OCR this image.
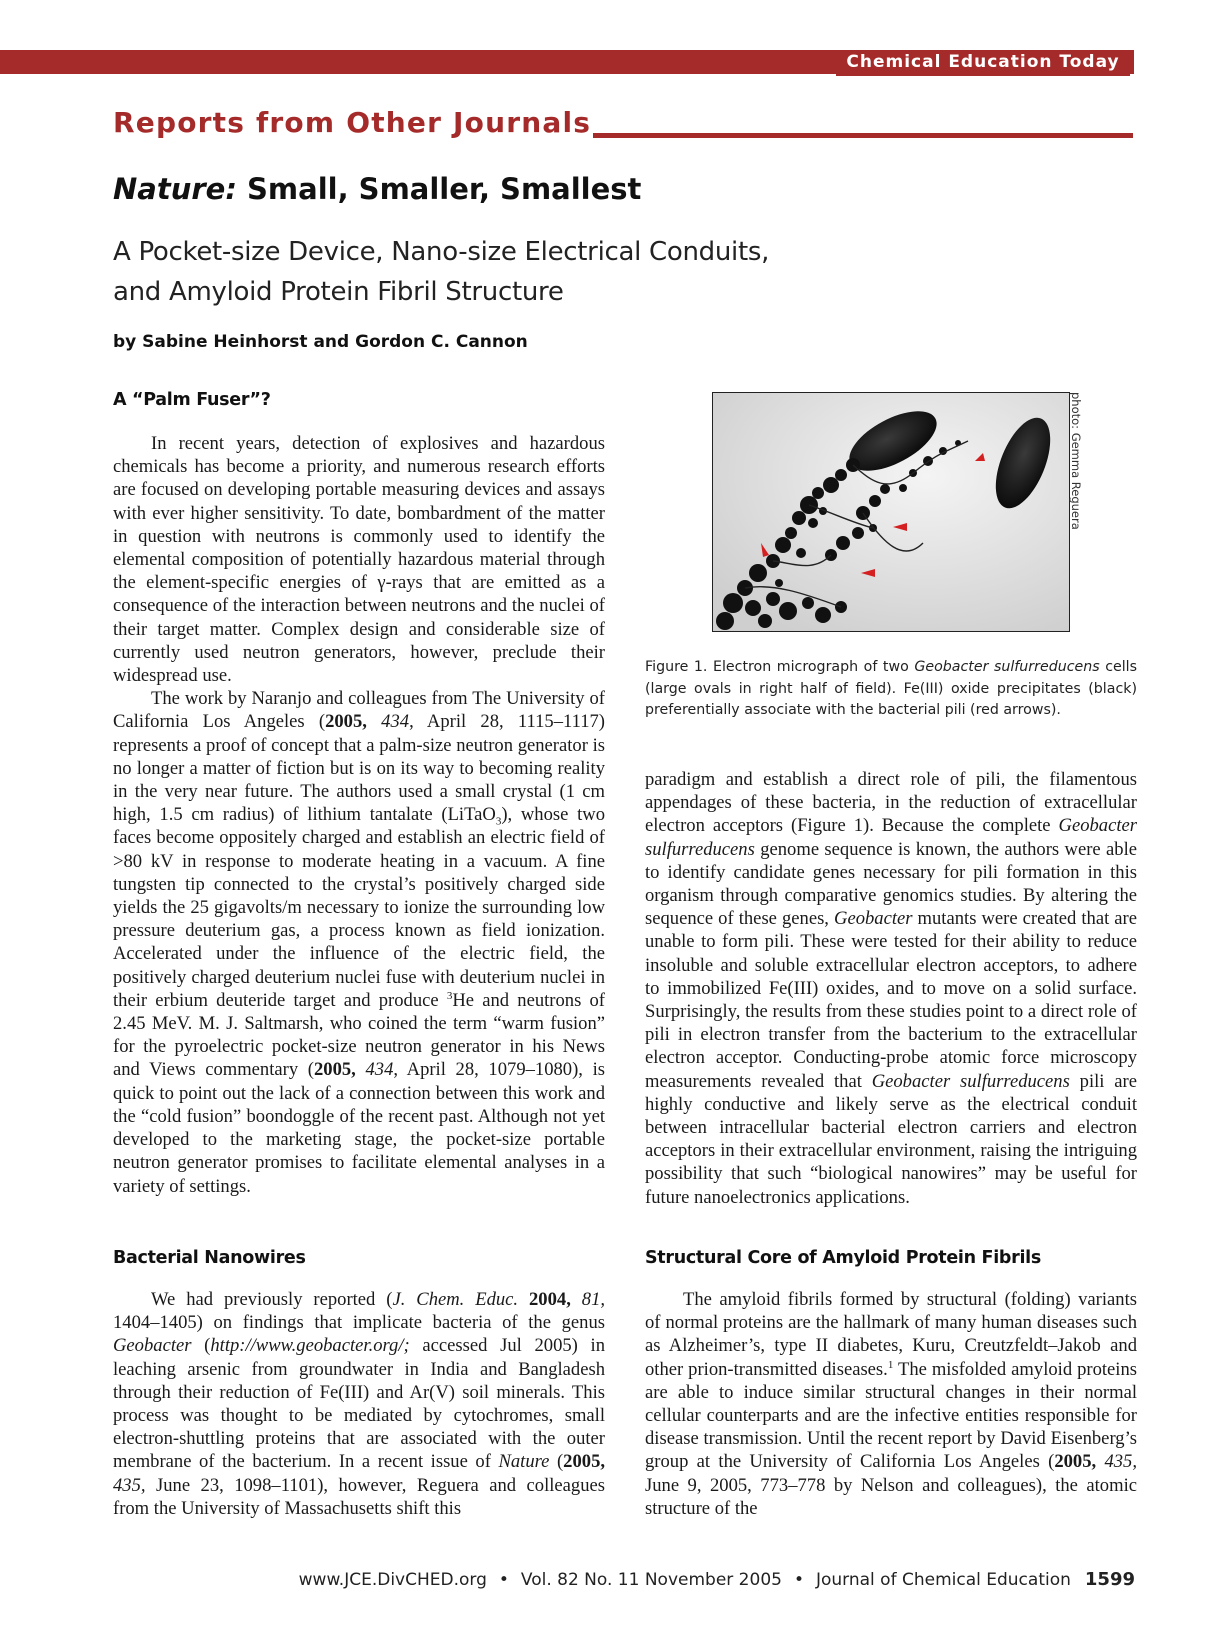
Chemical Education Today
Reports from Other Journals
Nature: Small, Smaller, Smallest
A Pocket-size Device, Nano-size Electrical Conduits,
and Amyloid Protein Fibril Structure
by Sabine Heinhorst and Gordon C. Cannon
A “Palm Fuser”?

In recent years, detection of explosives and hazardous chemicals has become a priority, and numerous research efforts are focused on developing portable measuring devices and assays with ever higher sensitivity. To date, bombardment of the matter in question with neutrons is commonly used to identify the elemental composition of potentially hazardous material through the element-specific energies of γ-rays that are emitted as a consequence of the interaction between neutrons and the nuclei of their target matter. Complex design and considerable size of currently used neutron generators, however, preclude their widespread use.

The work by Naranjo and colleagues from The University of California Los Angeles (2005, 434, April 28, 1115–1117) represents a proof of concept that a palm-size neutron generator is no longer a matter of fiction but is on its way to becoming reality in the very near future. The authors used a small crystal (1 cm high, 1.5 cm radius) of lithium tantalate (LiTaO$_3$), whose two faces become oppositely charged and establish an electric field of >80 kV in response to moderate heating in a vacuum. A fine tungsten tip connected to the crystal’s positively charged side yields the 25 gigavolts/m necessary to ionize the surrounding low pressure deuterium gas, a process known as field ionization. Accelerated under the influence of the electric field, the positively charged deuterium nuclei fuse with deuterium nuclei in their erbium deuteride target and produce $^3$He and neutrons of 2.45 MeV. M. J. Saltmarsh, who coined the term “warm fusion” for the pyroelectric pocket-size neutron generator in his News and Views commentary (2005, 434, April 28, 1079–1080), is quick to point out the lack of a connection between this work and the “cold fusion” boondoggle of the recent past. Although not yet developed to the marketing stage, the pocket-size portable neutron generator promises to facilitate elemental analyses in a variety of settings.

Bacterial Nanowires

We had previously reported (J. Chem. Educ. 2004, 81, 1404–1405) on findings that implicate bacteria of the genus Geobacter (http://www.geobacter.org/; accessed Jul 2005) in leaching arsenic from groundwater in India and Bangladesh through their reduction of Fe(III) and Ar(V) soil minerals. This process was thought to be mediated by cytochromes, small electron-shuttling proteins that are associated with the outer membrane of the bacterium. In a recent issue of Nature (2005, 435, June 23, 1098–1101), however, Reguera and colleagues from the University of Massachusetts shift this

photo: Gemma Reguera
Figure 1. Electron micrograph of two Geobacter sulfurreducens cells (large ovals in right half of field). Fe(III) oxide precipitates (black) preferentially associate with the bacterial pili (red arrows).

paradigm and establish a direct role of pili, the filamentous appendages of these bacteria, in the reduction of extracellular electron acceptors (Figure 1). Because the complete Geobacter sulfurreducens genome sequence is known, the authors were able to identify candidate genes necessary for pili formation in this organism through comparative genomics studies. By altering the sequence of these genes, Geobacter mutants were created that are unable to form pili. These were tested for their ability to reduce insoluble and soluble extracellular electron acceptors, to adhere to immobilized Fe(III) oxides, and to move on a solid surface. Surprisingly, the results from these studies point to a direct role of pili in electron transfer from the bacterium to the extracellular electron acceptor. Conducting-probe atomic force microscopy measurements revealed that Geobacter sulfurreducens pili are highly conductive and likely serve as the electrical conduit between intracellular bacterial electron carriers and electron acceptors in their extracellular environment, raising the intriguing possibility that such “biological nanowires” may be useful for future nanoelectronics applications.

Structural Core of Amyloid Protein Fibrils

The amyloid fibrils formed by structural (folding) variants of normal proteins are the hallmark of many human diseases such as Alzheimer’s, type II diabetes, Kuru, Creutzfeldt–Jakob and other prion-transmitted diseases.$^1$ The misfolded amyloid proteins are able to induce similar structural changes in their normal cellular counterparts and are the infective entities responsible for disease transmission. Until the recent report by David Eisenberg’s group at the University of California Los Angeles (2005, 435, June 9, 2005, 773–778 by Nelson and colleagues), the atomic structure of the

www.JCE.DivCHED.org • Vol. 82 No. 11 November 2005 • Journal of Chemical Education 1599
